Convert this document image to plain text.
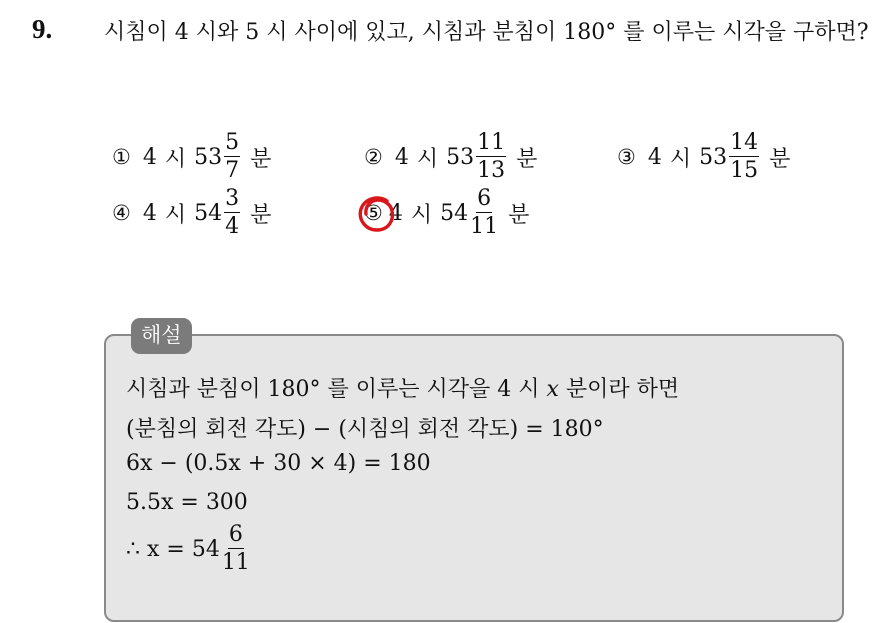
9. 시침이 4 시와 5 시 사이에 있고, 시침과 분침이 180° 를 이루는 시각을 구하면?
① 4 시 $53 \frac{5}{7}$ 분	② 4 시 $53 \frac{11}{13}$ 분	③ 4 시 $53 \frac{14}{15}$ 분
④ 4 시 $54 \frac{3}{4}$ 분	⑤ 4 시 $54 \frac{6}{11}$ 분
해설
시침과 분침이 180° 를 이루는 시각을 4 시 x 분이라 하면
(분침의 회전 각도) − (시침의 회전 각도) = 180°
6x − (0.5x + 30 × 4) = 180
5.5x = 300
∴ $x = 54 \frac{6}{11}$
